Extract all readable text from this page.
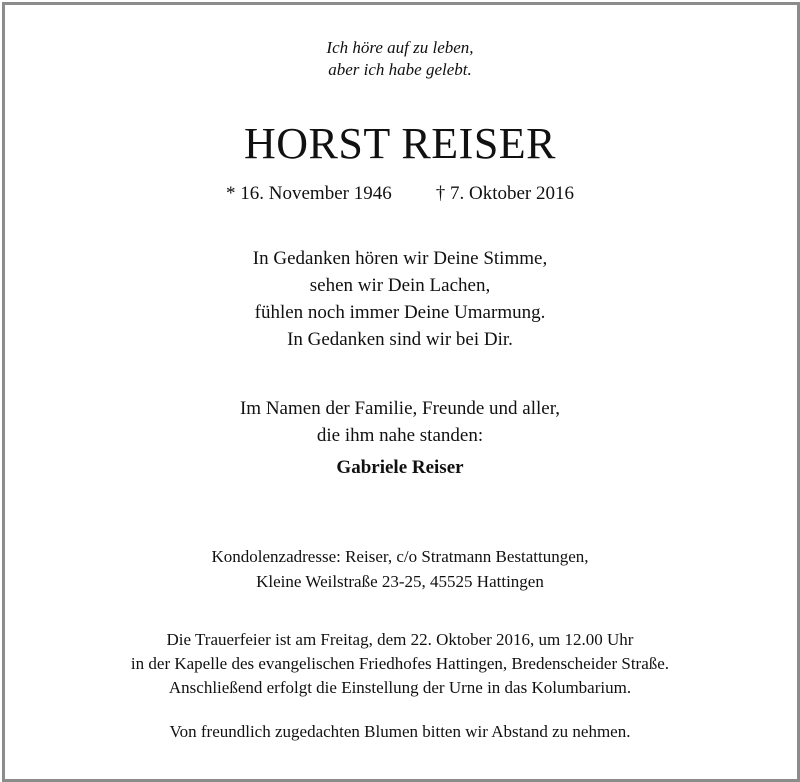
Ich höre auf zu leben,
aber ich habe gelebt.
HORST REISER
* 16. November 1946 † 7. Oktober 2016
In Gedanken hören wir Deine Stimme,
sehen wir Dein Lachen,
fühlen noch immer Deine Umarmung.
In Gedanken sind wir bei Dir.
Im Namen der Familie, Freunde und aller,
die ihm nahe standen:
Gabriele Reiser
Kondolenzadresse: Reiser, c/o Stratmann Bestattungen,
Kleine Weilstraße 23-25, 45525 Hattingen
Die Trauerfeier ist am Freitag, dem 22. Oktober 2016, um 12.00 Uhr
in der Kapelle des evangelischen Friedhofes Hattingen, Bredenscheider Straße.
Anschließend erfolgt die Einstellung der Urne in das Kolumbarium.
Von freundlich zugedachten Blumen bitten wir Abstand zu nehmen.
